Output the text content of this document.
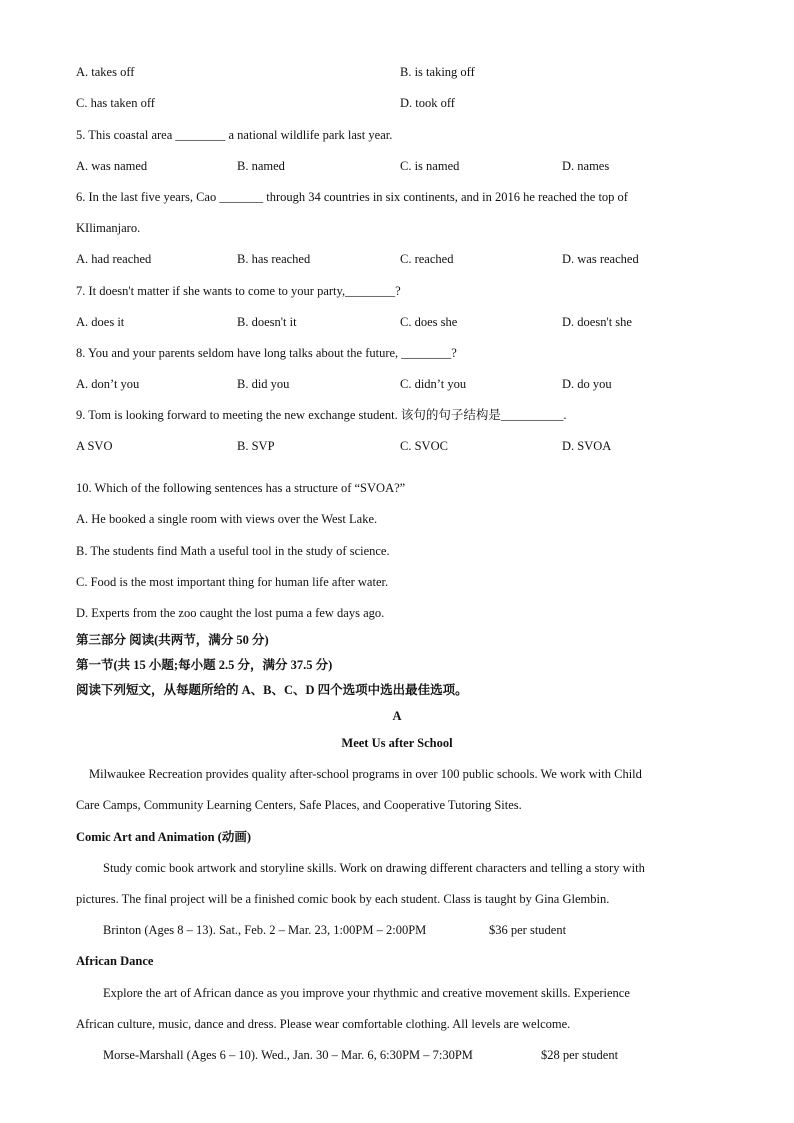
A. takes off	B. is taking off
C. has taken off	D. took off
5. This coastal area ________ a national wildlife park last year.
A. was named	B. named	C. is named	D. names
6. In the last five years, Cao _______ through 34 countries in six continents, and in 2016 he reached the top of
KIlimanjaro.
A. had reached	B. has reached	C. reached	D. was reached
7. It doesn't matter if she wants to come to your party,________?
A. does it	B. doesn't it	C. does she	D. doesn't she
8. You and your parents seldom have long talks about the future, ________?
A. don’t you	B. did you	C. didn’t you	D. do you
9. Tom is looking forward to meeting the new exchange student. 该句的句子结构是__________.
A SVO	B. SVP	C. SVOC	D. SVOA
10. Which of the following sentences has a structure of “SVOA?”
A. He booked a single room with views over the West Lake.
B. The students find Math a useful tool in the study of science.
C. Food is the most important thing for human life after water.
D. Experts from the zoo caught the lost puma a few days ago.
第三部分 阅读(共两节，满分 50 分)
第一节(共 15 小题;每小题 2.5 分，满分 37.5 分)
阅读下列短文，从每题所给的 A、B、C、D 四个选项中选出最佳选项。
A
Meet Us after School
Milwaukee Recreation provides quality after-school programs in over 100 public schools. We work with Child
Care Camps, Community Learning Centers, Safe Places, and Cooperative Tutoring Sites.
Comic Art and Animation (动画)
Study comic book artwork and storyline skills. Work on drawing different characters and telling a story with
pictures. The final project will be a finished comic book by each student. Class is taught by Gina Glembin.
Brinton (Ages 8 – 13). Sat., Feb. 2 – Mar. 23, 1:00PM – 2:00PM	$36 per student
African Dance
Explore the art of African dance as you improve your rhythmic and creative movement skills. Experience
African culture, music, dance and dress. Please wear comfortable clothing. All levels are welcome.
Morse-Marshall (Ages 6 – 10). Wed., Jan. 30 – Mar. 6, 6:30PM – 7:30PM	$28 per student
